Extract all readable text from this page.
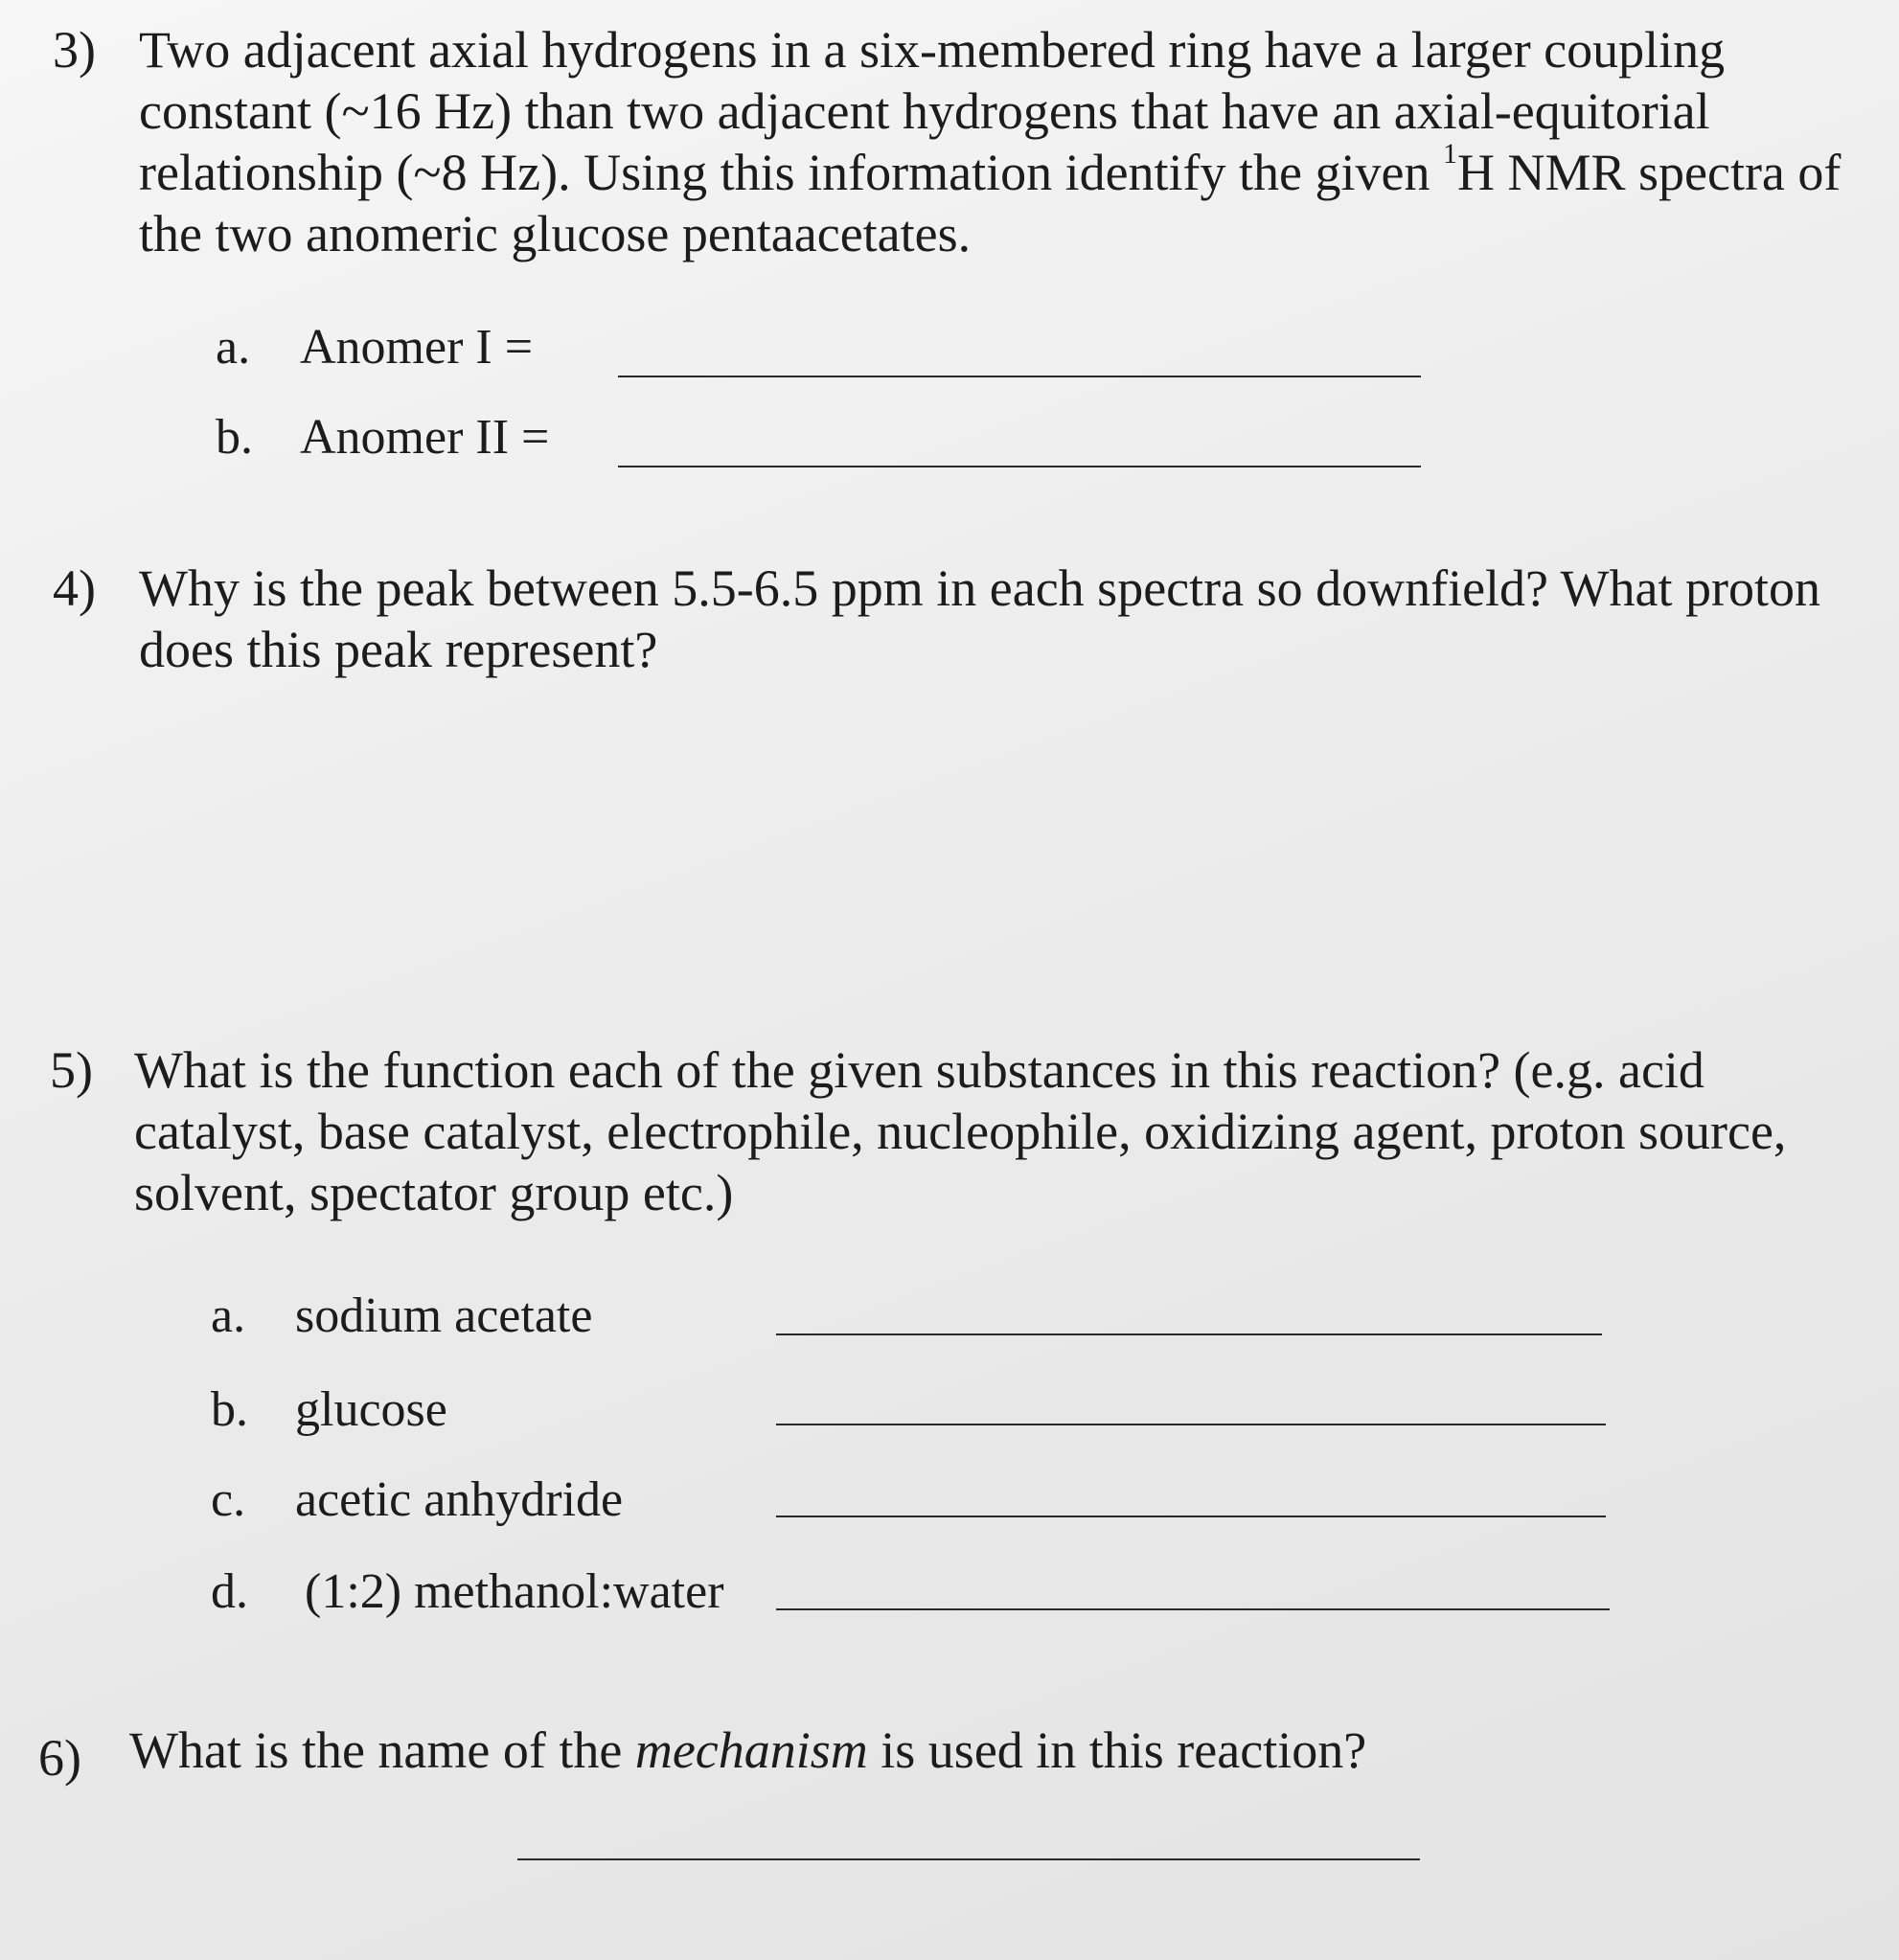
3) Two adjacent axial hydrogens in a six-membered ring have a larger coupling
constant (~16 Hz) than two adjacent hydrogens that have an axial-equitorial
relationship (~8 Hz). Using this information identify the given $^1$H NMR spectra of
the two anomeric glucose pentaacetates.
a. Anomer I =
b. Anomer II =
4) Why is the peak between 5.5-6.5 ppm in each spectra so downfield? What proton
does this peak represent?
5) What is the function each of the given substances in this reaction? (e.g. acid
catalyst, base catalyst, electrophile, nucleophile, oxidizing agent, proton source,
solvent, spectator group etc.)
a. sodium acetate
b. glucose
c. acetic anhydride
d. (1:2) methanol:water
6) What is the name of the mechanism is used in this reaction?
